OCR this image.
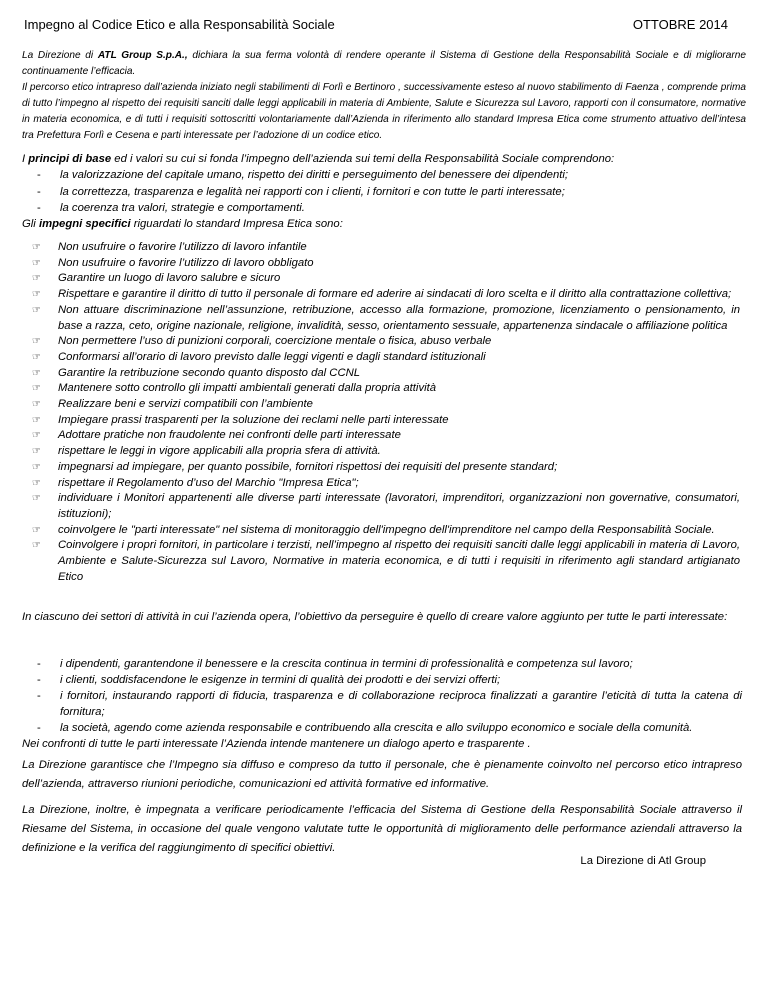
Impegno al Codice Etico e alla Responsabilità Sociale	OTTOBRE 2014

La Direzione di ATL Group S.p.A., dichiara la sua ferma volontà di rendere operante il Sistema di Gestione della Responsabilità Sociale e di migliorarne continuamente l’efficacia.

Il percorso etico intrapreso dall’azienda iniziato negli stabilimenti di Forlì e Bertinoro , successivamente esteso al nuovo stabilimento di Faenza , comprende prima di tutto l’impegno al rispetto dei requisiti sanciti dalle leggi applicabili in materia di Ambiente, Salute e Sicurezza sul Lavoro, rapporti con il consumatore, normative in materia economica, e di tutti i requisiti sottoscritti volontariamente dall’Azienda in riferimento allo standard Impresa Etica come strumento attuativo dell’intesa tra Prefettura Forlì e Cesena e parti interessate per l’adozione di un codice etico.

I principi di base ed i valori su cui si fonda l’impegno dell’azienda sui temi della Responsabilità Sociale comprendono:

- la valorizzazione del capitale umano, rispetto dei diritti e perseguimento del benessere dei dipendenti;
- la correttezza, trasparenza e legalità nei rapporti con i clienti, i fornitori e con tutte le parti interessate;
- la coerenza tra valori, strategie e comportamenti.

Gli impegni specifici riguardati lo standard Impresa Etica sono:

☞ Non usufruire o favorire l’utilizzo di lavoro infantile
☞ Non usufruire o favorire l’utilizzo di lavoro obbligato
☞ Garantire un luogo di lavoro salubre e sicuro
☞ Rispettare e garantire il diritto di tutto il personale di formare ed aderire ai sindacati di loro scelta e il diritto alla contrattazione collettiva;
☞ Non attuare discriminazione nell’assunzione, retribuzione, accesso alla formazione, promozione, licenziamento o pensionamento, in base a razza, ceto, origine nazionale, religione, invalidità, sesso, orientamento sessuale, appartenenza sindacale o affiliazione politica
☞ Non permettere l’uso di punizioni corporali, coercizione mentale o fisica, abuso verbale
☞ Conformarsi all’orario di lavoro previsto dalle leggi vigenti e dagli standard istituzionali
☞ Garantire la retribuzione secondo quanto disposto dal CCNL
☞ Mantenere sotto controllo gli impatti ambientali generati dalla propria attività
☞ Realizzare beni e servizi compatibili con l’ambiente
☞ Impiegare prassi trasparenti per la soluzione dei reclami nelle parti interessate
☞ Adottare pratiche non fraudolente nei confronti delle parti interessate
☞ rispettare le leggi in vigore applicabili alla propria sfera di attività.
☞ impegnarsi ad impiegare, per quanto possibile, fornitori rispettosi dei requisiti del presente standard;
☞ rispettare il Regolamento d’uso del Marchio "Impresa Etica";
☞ individuare i Monitori appartenenti alle diverse parti interessate (lavoratori, imprenditori, organizzazioni non governative, consumatori, istituzioni);
☞ coinvolgere le "parti interessate" nel sistema di monitoraggio dell'impegno dell'imprenditore nel campo della Responsabilità Sociale.
☞ Coinvolgere i propri fornitori, in particolare i terzisti, nell’impegno al rispetto dei requisiti sanciti dalle leggi applicabili in materia di Lavoro, Ambiente e Salute-Sicurezza sul Lavoro, Normative in materia economica, e di tutti i requisiti in riferimento agli standard artigianato Etico

In ciascuno dei settori di attività in cui l’azienda opera, l’obiettivo da perseguire è quello di creare valore aggiunto per tutte le parti interessate:

- i dipendenti, garantendone il benessere e la crescita continua in termini di professionalità e competenza sul lavoro;
- i clienti, soddisfacendone le esigenze in termini di qualità dei prodotti e dei servizi offerti;
- i fornitori, instaurando rapporti di fiducia, trasparenza e di collaborazione reciproca finalizzati a garantire l’eticità di tutta la catena di fornitura;
- la società, agendo come azienda responsabile e contribuendo alla crescita e allo sviluppo economico e sociale della comunità.

Nei confronti di tutte le parti interessate l’Azienda intende mantenere un dialogo aperto e trasparente .

La Direzione garantisce che l’Impegno sia diffuso e compreso da tutto il personale, che è pienamente coinvolto nel percorso etico intrapreso dell’azienda, attraverso riunioni periodiche, comunicazioni ed attività formative ed informative.

La Direzione, inoltre, è impegnata a verificare periodicamente l’efficacia del Sistema di Gestione della Responsabilità Sociale attraverso il Riesame del Sistema, in occasione del quale vengono valutate tutte le opportunità di miglioramento delle performance aziendali attraverso la definizione e la verifica del raggiungimento di specifici obiettivi.

La Direzione di Atl Group
